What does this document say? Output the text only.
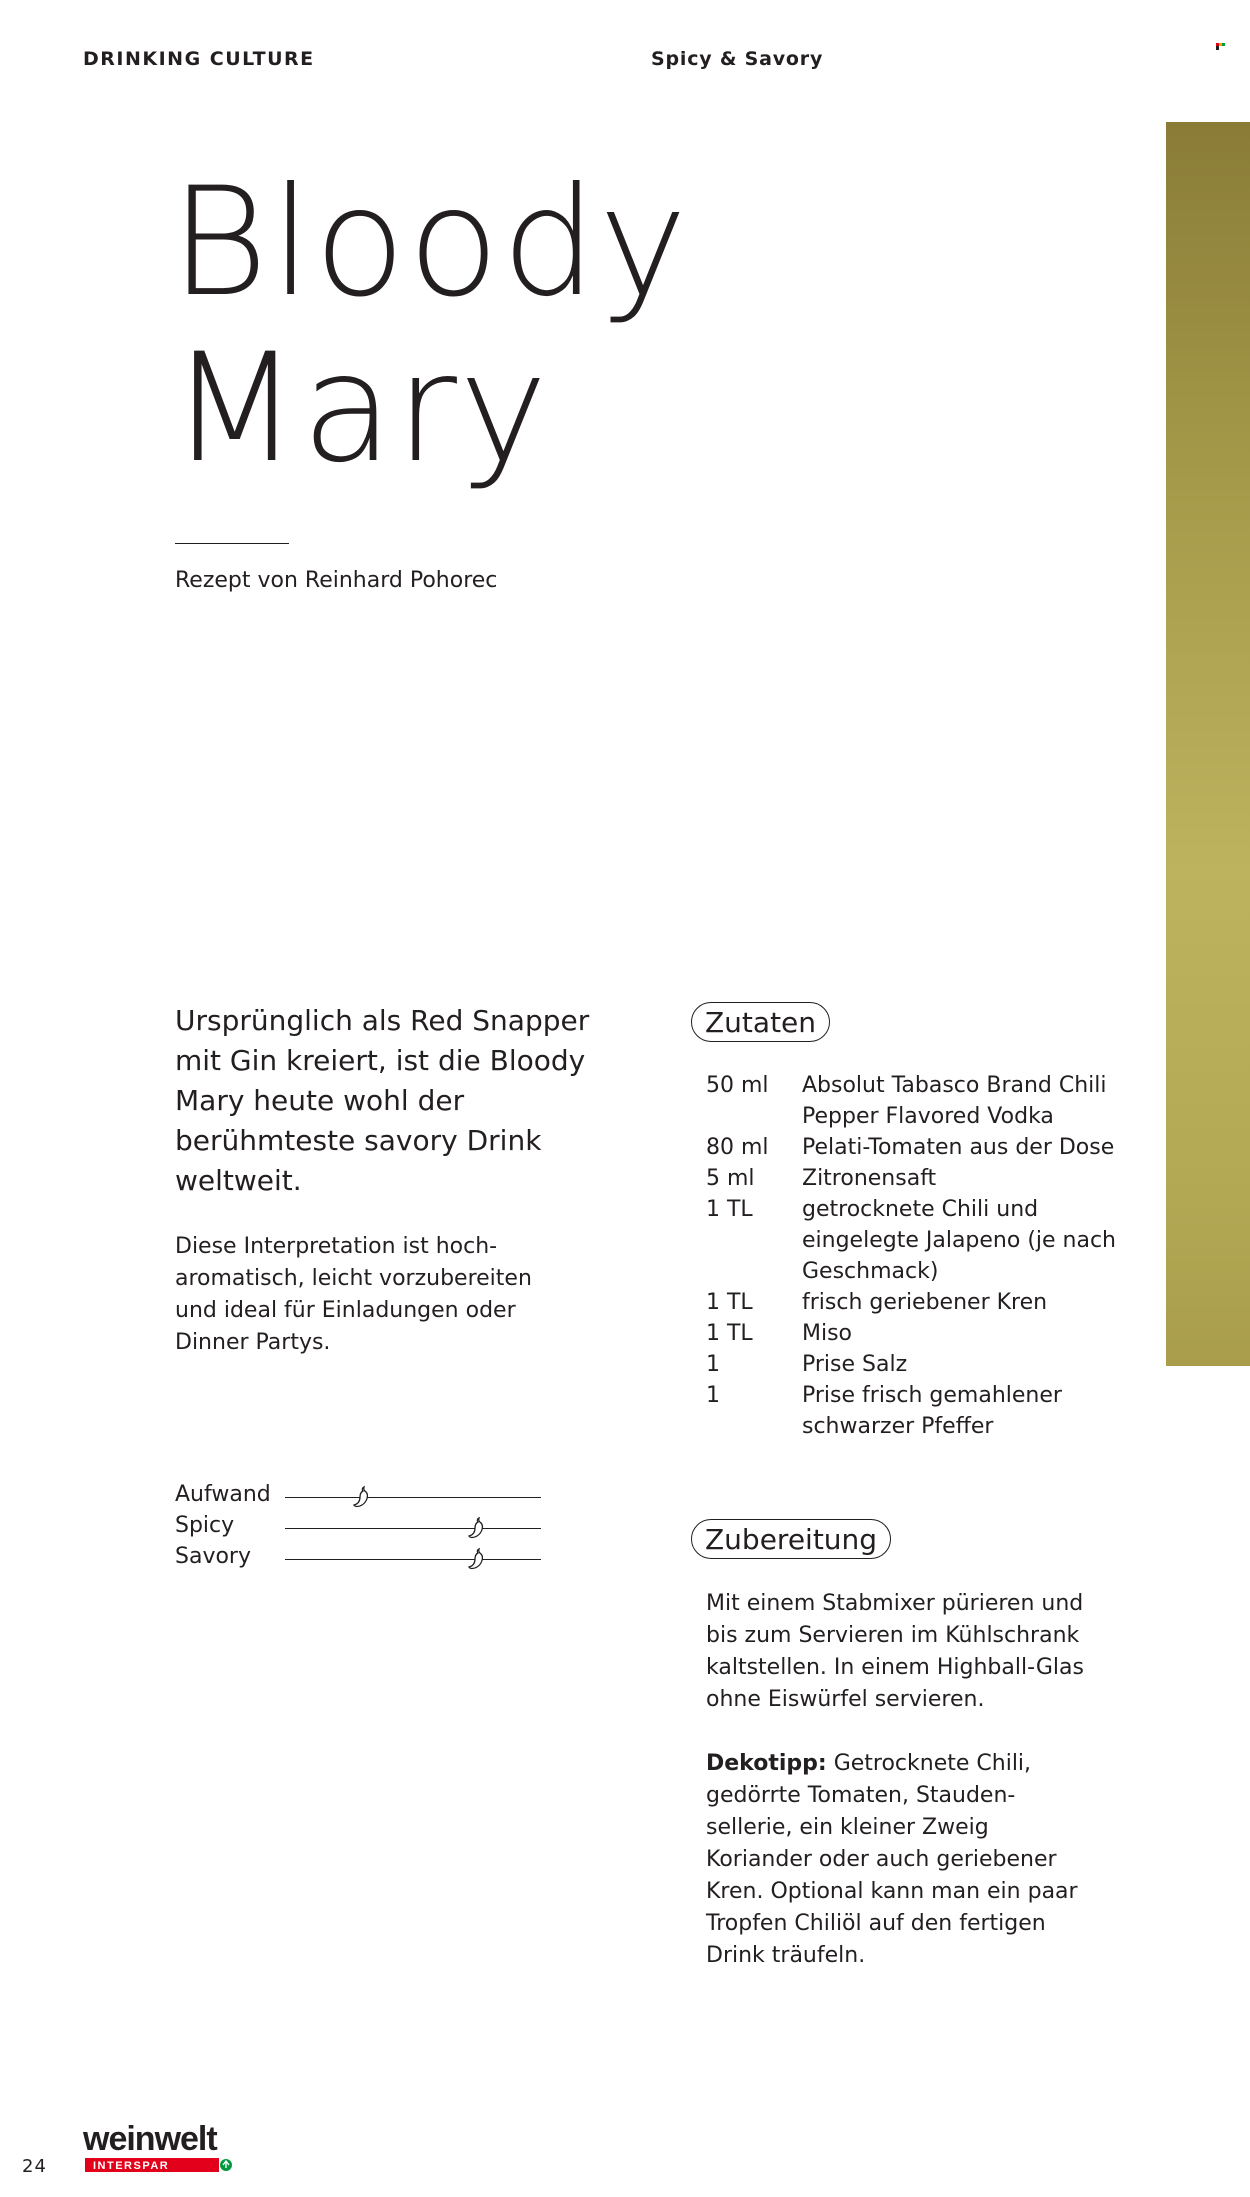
DRINKING CULTURE	Spicy & Savory
Bloody
Mary
Rezept von Reinhard Pohorec

Ursprünglich als Red Snapper mit Gin kreiert, ist die Bloody Mary heute wohl der berühmteste savory Drink weltweit.

Diese Interpretation ist hoch-aromatisch, leicht vorzubereiten und ideal für Einladungen oder Dinner Partys.

Zutaten
50 ml	Absolut Tabasco Brand Chili Pepper Flavored Vodka
80 ml	Pelati-Tomaten aus der Dose
5 ml	Zitronensaft
1 TL	getrocknete Chili und eingelegte Jalapeno (je nach Geschmack)
1 TL	frisch geriebener Kren
1 TL	Miso
1	Prise Salz
1	Prise frisch gemahlener schwarzer Pfeffer
Zubereitung

Mit einem Stabmixer pürieren und bis zum Servieren im Kühlschrank kaltstellen. In einem Highball-Glas ohne Eiswürfel servieren.

Dekotipp: Getrocknete Chili, gedörrte Tomaten, Stauden-sellerie, ein kleiner Zweig Koriander oder auch geriebener Kren. Optional kann man ein paar Tropfen Chiliöl auf den fertigen Drink träufeln.

Aufwand
Spicy
Savory
weinwelt
INTERSPAR
24
